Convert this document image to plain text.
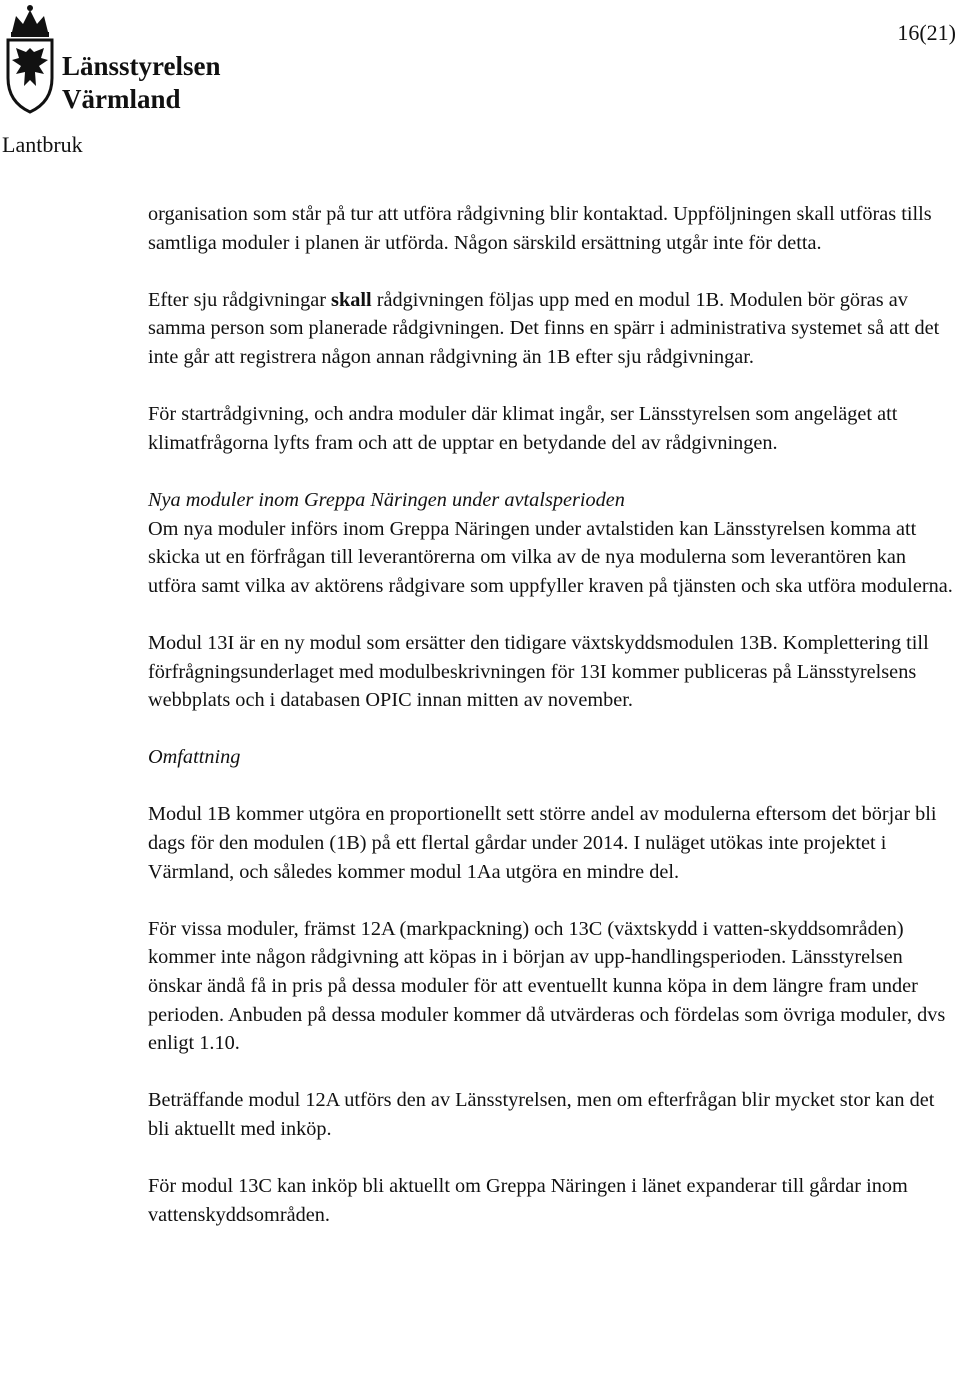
Länsstyrelsen
Värmland
16(21)
Lantbruk

organisation som står på tur att utföra rådgivning blir kontaktad. Uppföljningen skall utföras tills samtliga moduler i planen är utförda. Någon särskild ersättning utgår inte för detta.

Efter sju rådgivningar skall rådgivningen följas upp med en modul 1B. Modulen bör göras av samma person som planerade rådgivningen. Det finns en spärr i administrativa systemet så att det inte går att registrera någon annan rådgivning än 1B efter sju rådgivningar.

För startrådgivning, och andra moduler där klimat ingår, ser Länsstyrelsen som angeläget att klimatfrågorna lyfts fram och att de upptar en betydande del av rådgivningen.

Nya moduler inom Greppa Näringen under avtalsperioden

Om nya moduler införs inom Greppa Näringen under avtalstiden kan Länsstyrelsen komma att skicka ut en förfrågan till leverantörerna om vilka av de nya modulerna som leverantören kan utföra samt vilka av aktörens rådgivare som uppfyller kraven på tjänsten och ska utföra modulerna.

Modul 13I är en ny modul som ersätter den tidigare växtskyddsmodulen 13B. Komplettering till förfrågningsunderlaget med modulbeskrivningen för 13I kommer publiceras på Länsstyrelsens webbplats och i databasen OPIC innan mitten av november.

Omfattning

Modul 1B kommer utgöra en proportionellt sett större andel av modulerna eftersom det börjar bli dags för den modulen (1B) på ett flertal gårdar under 2014. I nuläget utökas inte projektet i Värmland, och således kommer modul 1Aa utgöra en mindre del.

För vissa moduler, främst 12A (markpackning) och 13C (växtskydd i vatten-skyddsområden) kommer inte någon rådgivning att köpas in i början av upp-handlingsperioden. Länsstyrelsen önskar ändå få in pris på dessa moduler för att eventuellt kunna köpa in dem längre fram under perioden. Anbuden på dessa moduler kommer då utvärderas och fördelas som övriga moduler, dvs enligt 1.10.

Beträffande modul 12A utförs den av Länsstyrelsen, men om efterfrågan blir mycket stor kan det bli aktuellt med inköp.

För modul 13C kan inköp bli aktuellt om Greppa Näringen i länet expanderar till gårdar inom vattenskyddsområden.
